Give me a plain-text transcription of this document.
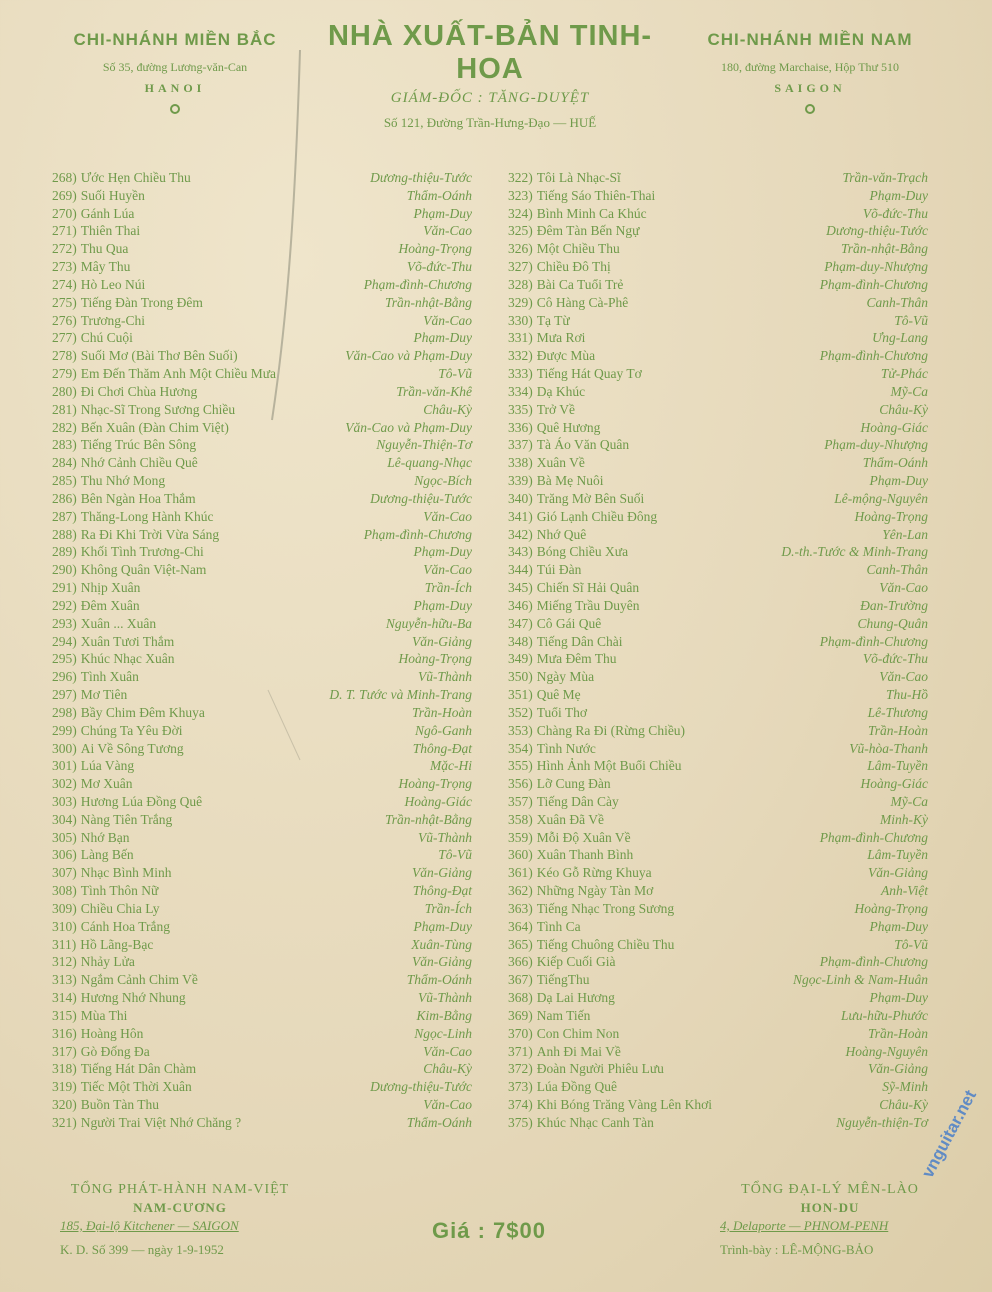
CHI-NHÁNH MIỀN BẮC
Số 35, đường Lương-văn-Can
HANOI
NHÀ XUẤT-BẢN TINH-HOA
GIÁM-ĐỐC : TĂNG-DUYỆT
Số 121, Đường Trần-Hưng-Đạo — HUẾ
CHI-NHÁNH MIỀN NAM
180, đường Marchaise, Hộp Thư 510
SAIGON
268) Ước Hẹn Chiều Thu	Dương-thiệu-Tước
269) Suối Huyền	Thẩm-Oánh
270) Gánh Lúa	Phạm-Duy
271) Thiên Thai	Văn-Cao
272) Thu Qua	Hoàng-Trọng
273) Mây Thu	Võ-đức-Thu
274) Hò Leo Núi	Phạm-đình-Chương
275) Tiếng Đàn Trong Đêm	Trần-nhật-Bằng
276) Trương-Chi	Văn-Cao
277) Chú Cuội	Phạm-Duy
278) Suối Mơ (Bài Thơ Bên Suối)	Văn-Cao và Phạm-Duy
279) Em Đến Thăm Anh Một Chiều Mưa	Tô-Vũ
280) Đi Chơi Chùa Hương	Trần-văn-Khê
281) Nhạc-Sĩ Trong Sương Chiều	Châu-Kỳ
282) Bến Xuân (Đàn Chim Việt)	Văn-Cao và Phạm-Duy
283) Tiếng Trúc Bên Sông	Nguyễn-Thiện-Tơ
284) Nhớ Cảnh Chiều Quê	Lê-quang-Nhạc
285) Thu Nhớ Mong	Ngọc-Bích
286) Bên Ngàn Hoa Thắm	Dương-thiệu-Tước
287) Thăng-Long Hành Khúc	Văn-Cao
288) Ra Đi Khi Trời Vừa Sáng	Phạm-đình-Chương
289) Khối Tình Trương-Chi	Phạm-Duy
290) Không Quân Việt-Nam	Văn-Cao
291) Nhịp Xuân	Trần-Ích
292) Đêm Xuân	Phạm-Duy
293) Xuân ... Xuân	Nguyễn-hữu-Ba
294) Xuân Tươi Thắm	Văn-Giảng
295) Khúc Nhạc Xuân	Hoàng-Trọng
296) Tình Xuân	Vũ-Thành
297) Mơ Tiên	D. T. Tước và Minh-Trang
298) Bầy Chim Đêm Khuya	Trần-Hoàn
299) Chúng Ta Yêu Đời	Ngô-Ganh
300) Ai Về Sông Tương	Thông-Đạt
301) Lúa Vàng	Mặc-Hi
302) Mơ Xuân	Hoàng-Trọng
303) Hương Lúa Đồng Quê	Hoàng-Giác
304) Nàng Tiên Trắng	Trần-nhật-Bằng
305) Nhớ Bạn	Vũ-Thành
306) Làng Bến	Tô-Vũ
307) Nhạc Bình Minh	Văn-Giảng
308) Tình Thôn Nữ	Thông-Đạt
309) Chiều Chia Ly	Trần-Ích
310) Cánh Hoa Trắng	Phạm-Duy
311) Hồ Lãng-Bạc	Xuân-Tùng
312) Nhảy Lửa	Văn-Giảng
313) Ngắm Cảnh Chim Về	Thẩm-Oánh
314) Hương Nhớ Nhung	Vũ-Thành
315) Mùa Thi	Kim-Bằng
316) Hoàng Hôn	Ngọc-Linh
317) Gò Đống Đa	Văn-Cao
318) Tiếng Hát Dân Chàm	Châu-Kỳ
319) Tiếc Một Thời Xuân	Dương-thiệu-Tước
320) Buồn Tàn Thu	Văn-Cao
321) Người Trai Việt Nhớ Chăng ?	Thẩm-Oánh
322) Tôi Là Nhạc-Sĩ	Trần-văn-Trạch
323) Tiếng Sáo Thiên-Thai	Phạm-Duy
324) Bình Minh Ca Khúc	Võ-đức-Thu
325) Đêm Tàn Bến Ngự	Dương-thiệu-Tước
326) Một Chiều Thu	Trần-nhật-Bằng
327) Chiều Đô Thị	Phạm-duy-Nhượng
328) Bài Ca Tuổi Trẻ	Phạm-đình-Chương
329) Cô Hàng Cà-Phê	Canh-Thân
330) Tạ Từ	Tô-Vũ
331) Mưa Rơi	Ưng-Lang
332) Được Mùa	Phạm-đình-Chương
333) Tiếng Hát Quay Tơ	Tử-Phác
334) Dạ Khúc	Mỹ-Ca
335) Trở Về	Châu-Kỳ
336) Quê Hương	Hoàng-Giác
337) Tà Áo Văn Quân	Phạm-duy-Nhượng
338) Xuân Về	Thẩm-Oánh
339) Bà Mẹ Nuôi	Phạm-Duy
340) Trăng Mờ Bên Suối	Lê-mộng-Nguyên
341) Gió Lạnh Chiều Đông	Hoàng-Trọng
342) Nhớ Quê	Yên-Lan
343) Bóng Chiều Xưa	D.-th.-Tước & Minh-Trang
344) Túi Đàn	Canh-Thân
345) Chiến Sĩ Hải Quân	Văn-Cao
346) Miếng Trầu Duyên	Đan-Trường
347) Cô Gái Quê	Chung-Quân
348) Tiếng Dân Chài	Phạm-đình-Chương
349) Mưa Đêm Thu	Võ-đức-Thu
350) Ngày Mùa	Văn-Cao
351) Quê Mẹ	Thu-Hồ
352) Tuổi Thơ	Lê-Thương
353) Chàng Ra Đi (Rừng Chiều)	Trần-Hoàn
354) Tình Nước	Vũ-hòa-Thanh
355) Hình Ảnh Một Buổi Chiều	Lâm-Tuyền
356) Lỡ Cung Đàn	Hoàng-Giác
357) Tiếng Dân Cày	Mỹ-Ca
358) Xuân Đã Về	Minh-Kỳ
359) Mỗi Độ Xuân Về	Phạm-đình-Chương
360) Xuân Thanh Bình	Lâm-Tuyền
361) Kéo Gỗ Rừng Khuya	Văn-Giảng
362) Những Ngày Tàn Mơ	Anh-Việt
363) Tiếng Nhạc Trong Sương	Hoàng-Trọng
364) Tình Ca	Phạm-Duy
365) Tiếng Chuông Chiều Thu	Tô-Vũ
366) Kiếp Cuối Già	Phạm-đình-Chương
367) TiếngThu	Ngọc-Linh & Nam-Huân
368) Dạ Lai Hương	Phạm-Duy
369) Nam Tiến	Lưu-hữu-Phước
370) Con Chim Non	Trần-Hoàn
371) Anh Đi Mai Về	Hoàng-Nguyên
372) Đoàn Người Phiêu Lưu	Văn-Giảng
373) Lúa Đồng Quê	Sỹ-Minh
374) Khi Bóng Trăng Vàng Lên Khơi	Châu-Kỳ
375) Khúc Nhạc Canh Tàn	Nguyễn-thiện-Tơ
TỔNG PHÁT-HÀNH NAM-VIỆT
NAM-CƯƠNG
185, Đại-lộ Kitchener — SAIGON
K. D. Số 399 — ngày 1-9-1952
Giá : 7$00
TỔNG ĐẠI-LÝ MÊN-LÀO
HON-DU
4, Delaporte — PHNOM-PENH
Trình-bày : LÊ-MỘNG-BẢO
vnguitar.net
